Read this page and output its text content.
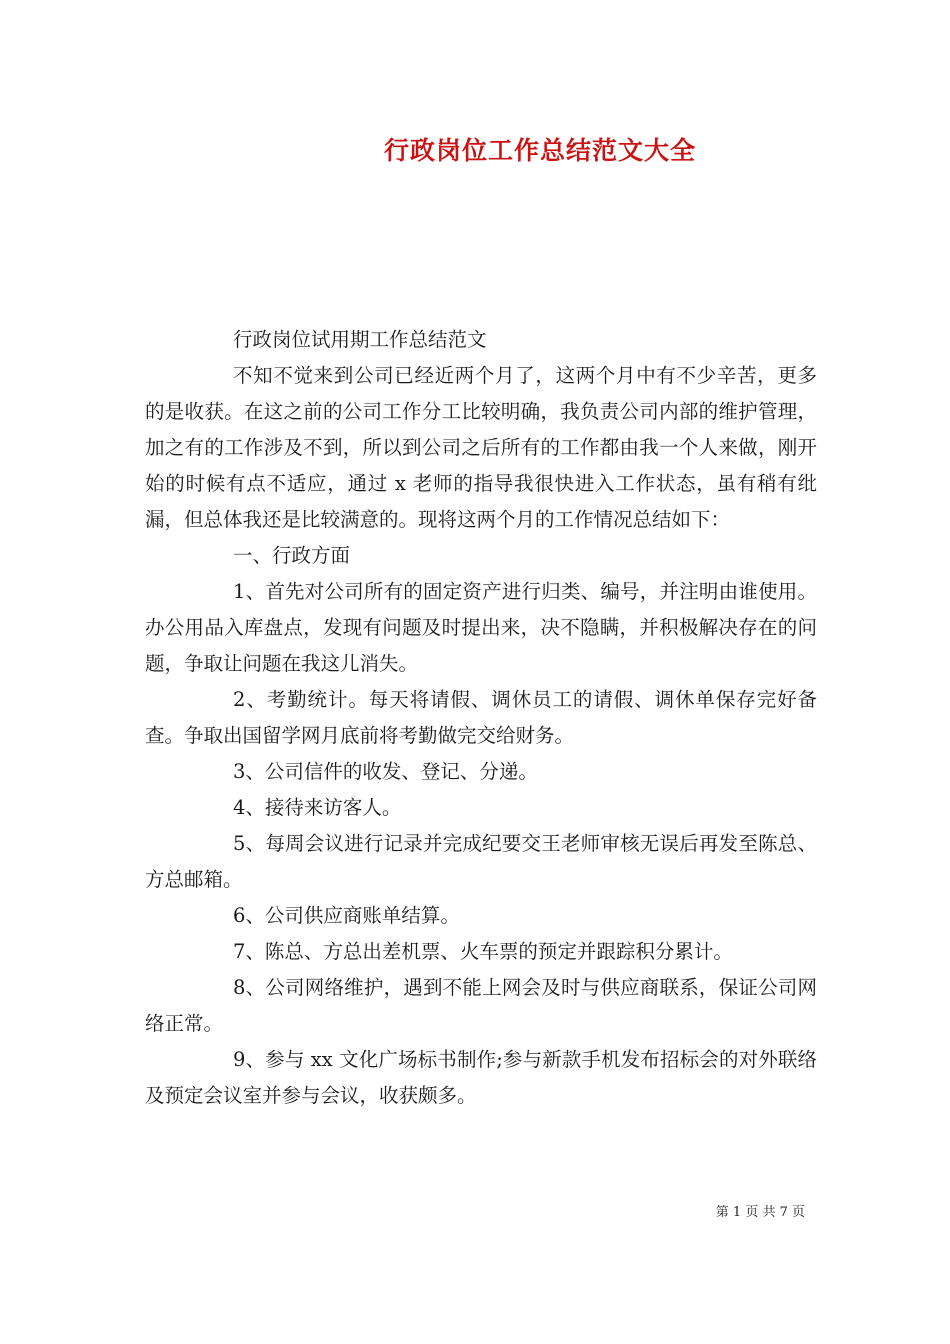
行政岗位工作总结范文大全

行政岗位试用期工作总结范文

不知不觉来到公司已经近两个月了，这两个月中有不少辛苦，更多的是收获。在这之前的公司工作分工比较明确，我负责公司内部的维护管理，加之有的工作涉及不到，所以到公司之后所有的工作都由我一个人来做，刚开始的时候有点不适应，通过 x 老师的指导我很快进入工作状态，虽有稍有纰漏，但总体我还是比较满意的。现将这两个月的工作情况总结如下：

一、行政方面

1、首先对公司所有的固定资产进行归类、编号，并注明由谁使用。办公用品入库盘点，发现有问题及时提出来，决不隐瞒，并积极解决存在的问题，争取让问题在我这儿消失。

2、考勤统计。每天将请假、调休员工的请假、调休单保存完好备查。争取出国留学网月底前将考勤做完交给财务。

3、公司信件的收发、登记、分递。

4、接待来访客人。

5、每周会议进行记录并完成纪要交王老师审核无误后再发至陈总、方总邮箱。

6、公司供应商账单结算。

7、陈总、方总出差机票、火车票的预定并跟踪积分累计。

8、公司网络维护，遇到不能上网会及时与供应商联系，保证公司网络正常。

9、参与 xx 文化广场标书制作;参与新款手机发布招标会的对外联络及预定会议室并参与会议，收获颇多。

第 1 页 共 7 页
